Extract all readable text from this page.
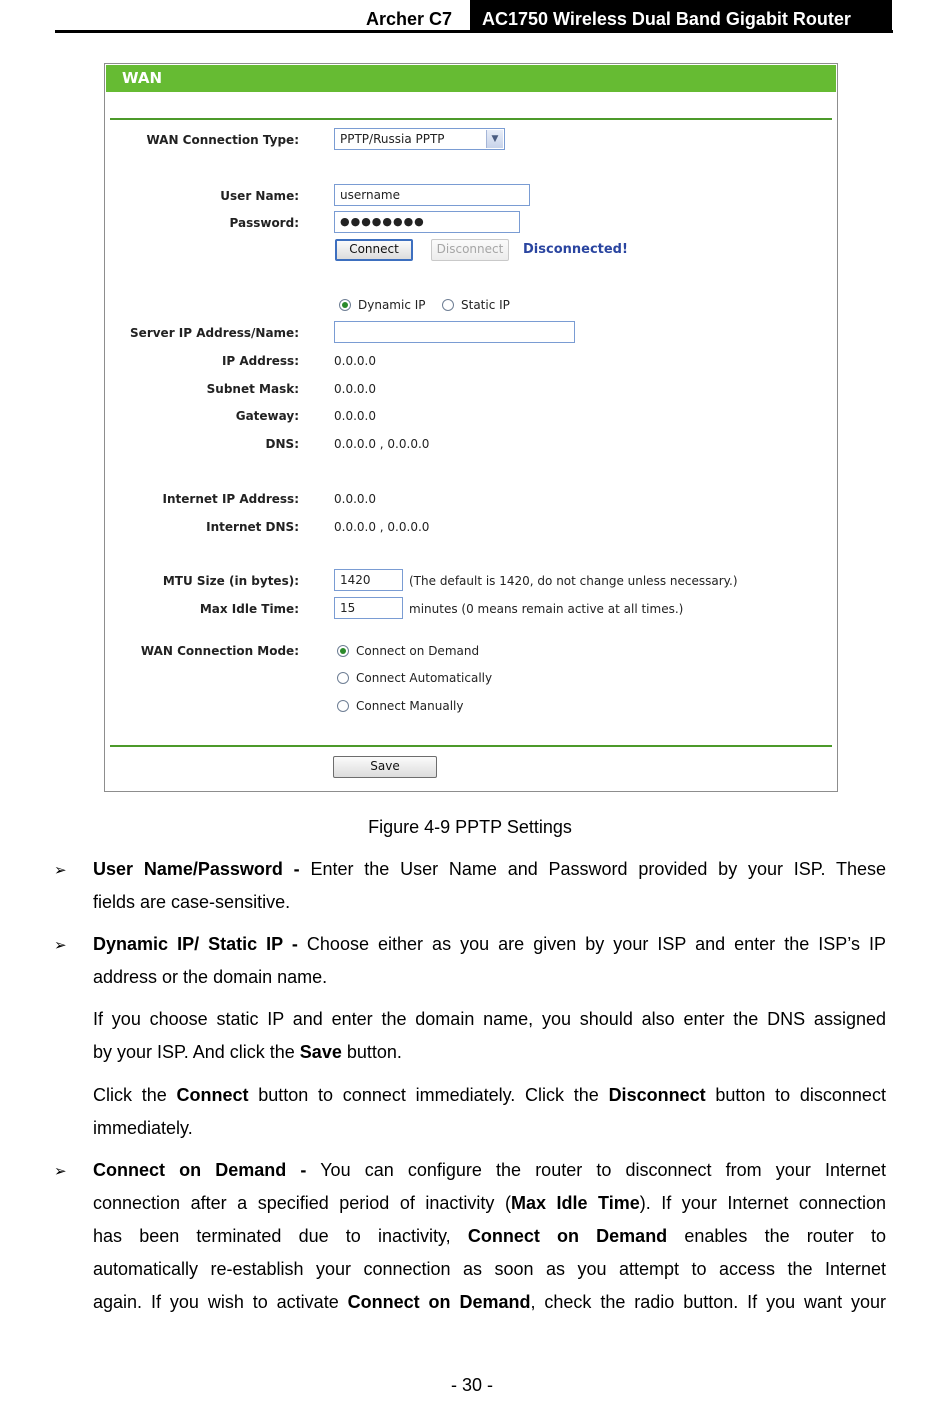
Archer C7	AC1750 Wireless Dual Band Gigabit Router
WAN
WAN Connection Type:	PPTP/Russia PPTP	▼
User Name:	username
Password:	●●●●●●●●
Connect	Disconnect	Disconnected!
Dynamic IP	Static IP
Server IP Address/Name:
IP Address:	0.0.0.0
Subnet Mask:	0.0.0.0
Gateway:	0.0.0.0
DNS:	0.0.0.0 , 0.0.0.0
Internet IP Address:	0.0.0.0
Internet DNS:	0.0.0.0 , 0.0.0.0
MTU Size (in bytes):	1420	(The default is 1420, do not change unless necessary.)
Max Idle Time:	15	minutes (0 means remain active at all times.)
WAN Connection Mode:	Connect on Demand
Connect Automatically
Connect Manually
Save
Figure 4-9 PPTP Settings
➢ User Name/Password - Enter the User Name and Password provided by your ISP. These
fields are case-sensitive.
➢ Dynamic IP/ Static IP - Choose either as you are given by your ISP and enter the ISP’s IP
address or the domain name.
If you choose static IP and enter the domain name, you should also enter the DNS assigned
by your ISP. And click the Save button.
Click the Connect button to connect immediately. Click the Disconnect button to disconnect
immediately.
➢ Connect on Demand - You can configure the router to disconnect from your Internet
connection after a specified period of inactivity (Max Idle Time). If your Internet connection
has been terminated due to inactivity, Connect on Demand enables the router to
automatically re-establish your connection as soon as you attempt to access the Internet
again. If you wish to activate Connect on Demand, check the radio button. If you want your
- 30 -
